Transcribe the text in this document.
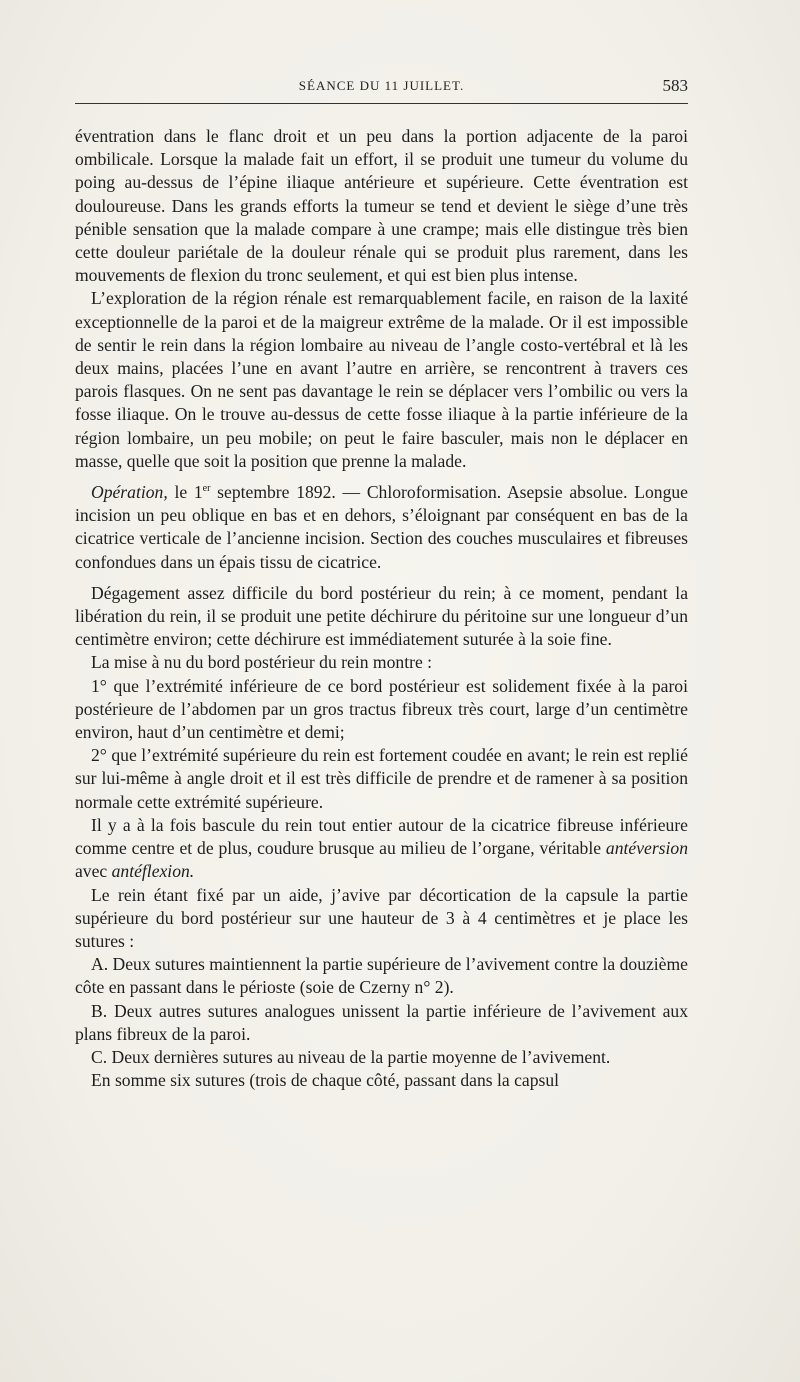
SÉANCE DU 11 JUILLET.	583

éventration dans le flanc droit et un peu dans la portion adjacente de la paroi ombilicale. Lorsque la malade fait un effort, il se produit une tumeur du volume du poing au-dessus de l’épine iliaque antérieure et supérieure. Cette éventration est douloureuse. Dans les grands efforts la tumeur se tend et devient le siège d’une très pénible sensation que la malade compare à une crampe; mais elle distingue très bien cette douleur pariétale de la douleur rénale qui se produit plus rarement, dans les mouvements de flexion du tronc seulement, et qui est bien plus intense.

L’exploration de la région rénale est remarquablement facile, en raison de la laxité exceptionnelle de la paroi et de la maigreur extrême de la malade. Or il est impossible de sentir le rein dans la région lombaire au niveau de l’angle costo-vertébral et là les deux mains, placées l’une en avant l’autre en arrière, se rencontrent à travers ces parois flasques. On ne sent pas davantage le rein se déplacer vers l’ombilic ou vers la fosse iliaque. On le trouve au-dessus de cette fosse iliaque à la partie inférieure de la région lombaire, un peu mobile; on peut le faire basculer, mais non le déplacer en masse, quelle que soit la position que prenne la malade.

Opération, le 1er septembre 1892. — Chloroformisation. Asepsie absolue. Longue incision un peu oblique en bas et en dehors, s’éloignant par conséquent en bas de la cicatrice verticale de l’ancienne incision. Section des couches musculaires et fibreuses confondues dans un épais tissu de cicatrice.

Dégagement assez difficile du bord postérieur du rein; à ce moment, pendant la libération du rein, il se produit une petite déchirure du péritoine sur une longueur d’un centimètre environ; cette déchirure est immédiatement suturée à la soie fine.

La mise à nu du bord postérieur du rein montre :

1° que l’extrémité inférieure de ce bord postérieur est solidement fixée à la paroi postérieure de l’abdomen par un gros tractus fibreux très court, large d’un centimètre environ, haut d’un centimètre et demi;

2° que l’extrémité supérieure du rein est fortement coudée en avant; le rein est replié sur lui-même à angle droit et il est très difficile de prendre et de ramener à sa position normale cette extrémité supérieure.

Il y a à la fois bascule du rein tout entier autour de la cicatrice fibreuse inférieure comme centre et de plus, coudure brusque au milieu de l’organe, véritable antéversion avec antéflexion.

Le rein étant fixé par un aide, j’avive par décortication de la capsule la partie supérieure du bord postérieur sur une hauteur de 3 à 4 centimètres et je place les sutures :

A. Deux sutures maintiennent la partie supérieure de l’avivement contre la douzième côte en passant dans le périoste (soie de Czerny n° 2).

B. Deux autres sutures analogues unissent la partie inférieure de l’avivement aux plans fibreux de la paroi.

C. Deux dernières sutures au niveau de la partie moyenne de l’avivement.

En somme six sutures (trois de chaque côté, passant dans la capsul
